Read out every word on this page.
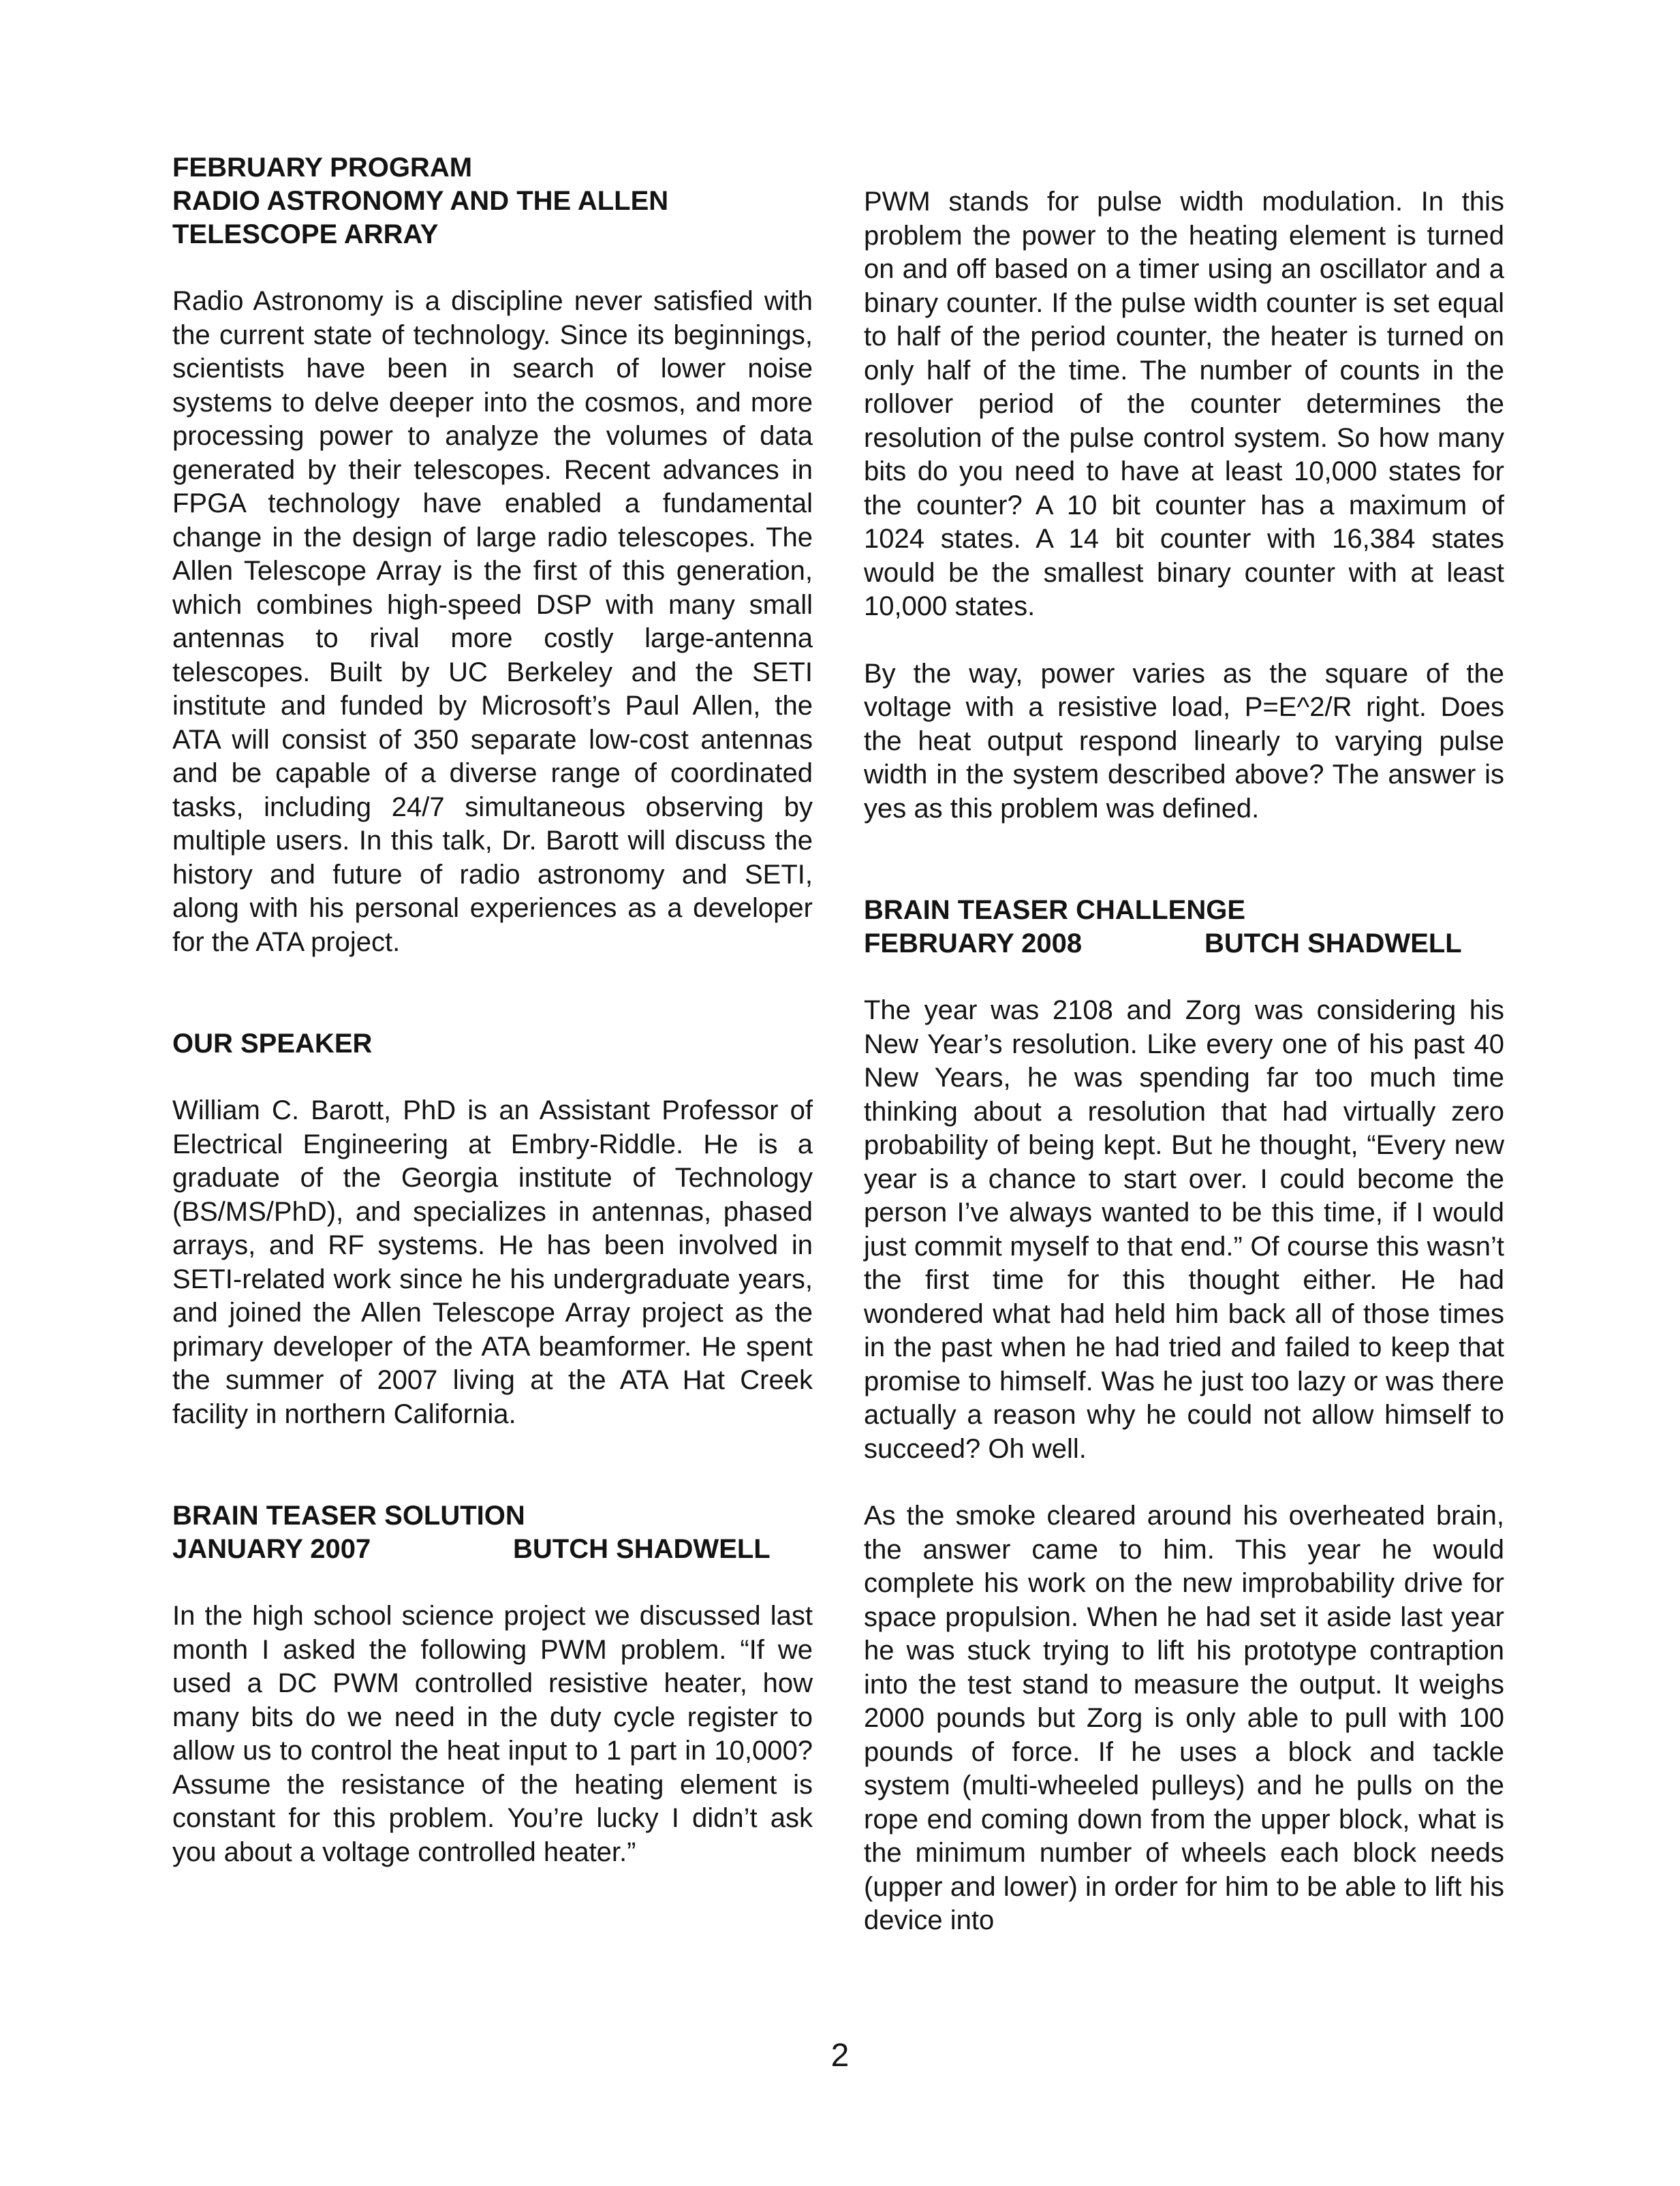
FEBRUARY PROGRAM
RADIO ASTRONOMY AND THE ALLEN
TELESCOPE ARRAY

Radio Astronomy is a discipline never satisfied with the current state of technology. Since its beginnings, scientists have been in search of lower noise systems to delve deeper into the cosmos, and more processing power to analyze the volumes of data generated by their telescopes. Recent advances in FPGA technology have enabled a fundamental change in the design of large radio telescopes. The Allen Telescope Array is the first of this generation, which combines high-speed DSP with many small antennas to rival more costly large-antenna telescopes. Built by UC Berkeley and the SETI institute and funded by Microsoft’s Paul Allen, the ATA will consist of 350 separate low-cost antennas and be capable of a diverse range of coordinated tasks, including 24/7 simultaneous observing by multiple users. In this talk, Dr. Barott will discuss the history and future of radio astronomy and SETI, along with his personal experiences as a developer for the ATA project.

OUR SPEAKER

William C. Barott, PhD is an Assistant Professor of Electrical Engineering at Embry-Riddle. He is a graduate of the Georgia institute of Technology (BS/MS/PhD), and specializes in antennas, phased arrays, and RF systems. He has been involved in SETI-related work since he his undergraduate years, and joined the Allen Telescope Array project as the primary developer of the ATA beamformer. He spent the summer of 2007 living at the ATA Hat Creek facility in northern California.

BRAIN TEASER SOLUTION
JANUARY 2007	BUTCH SHADWELL

In the high school science project we discussed last month I asked the following PWM problem. “If we used a DC PWM controlled resistive heater, how many bits do we need in the duty cycle register to allow us to control the heat input to 1 part in 10,000? Assume the resistance of the heating element is constant for this problem. You’re lucky I didn’t ask you about a voltage controlled heater.”

PWM stands for pulse width modulation. In this problem the power to the heating element is turned on and off based on a timer using an oscillator and a binary counter. If the pulse width counter is set equal to half of the period counter, the heater is turned on only half of the time. The number of counts in the rollover period of the counter determines the resolution of the pulse control system. So how many bits do you need to have at least 10,000 states for the counter? A 10 bit counter has a maximum of 1024 states. A 14 bit counter with 16,384 states would be the smallest binary counter with at least 10,000 states.

By the way, power varies as the square of the voltage with a resistive load, P=E^2/R right. Does the heat output respond linearly to varying pulse width in the system described above? The answer is yes as this problem was defined.

BRAIN TEASER CHALLENGE
FEBRUARY 2008	BUTCH SHADWELL

The year was 2108 and Zorg was considering his New Year’s resolution. Like every one of his past 40 New Years, he was spending far too much time thinking about a resolution that had virtually zero probability of being kept. But he thought, “Every new year is a chance to start over. I could become the person I’ve always wanted to be this time, if I would just commit myself to that end.” Of course this wasn’t the first time for this thought either. He had wondered what had held him back all of those times in the past when he had tried and failed to keep that promise to himself. Was he just too lazy or was there actually a reason why he could not allow himself to succeed? Oh well.

As the smoke cleared around his overheated brain, the answer came to him. This year he would complete his work on the new improbability drive for space propulsion. When he had set it aside last year he was stuck trying to lift his prototype contraption into the test stand to measure the output. It weighs 2000 pounds but Zorg is only able to pull with 100 pounds of force. If he uses a block and tackle system (multi-wheeled pulleys) and he pulls on the rope end coming down from the upper block, what is the minimum number of wheels each block needs (upper and lower) in order for him to be able to lift his device into

2
